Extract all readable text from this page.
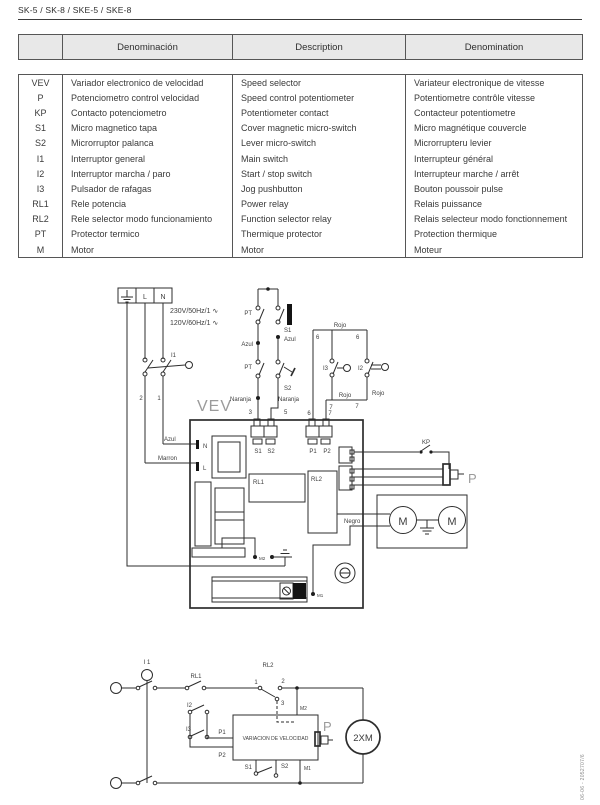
SK-5 / SK-8 / SKE-5 / SKE-8
	Denominación	Description	Denomination
VEV	Variador electronico de velocidad	Speed selector	Variateur electronique de vitesse
P	Potenciometro control velocidad	Speed control potentiometer	Potentiometre contrôle vitesse
KP	Contacto potenciometro	Potentiometer contact	Contacteur potentiometre
S1	Micro magnetico tapa	Cover magnetic micro-switch	Micro magnétique couvercle
S2	Microrruptor palanca	Lever micro-switch	Microrrupteru levier
I1	Interruptor general	Main switch	Interrupteur général
I2	Interruptor marcha / paro	Start / stop switch	Interrupteur marche / arrêt
I3	Pulsador de rafagas	Jog pushbutton	Bouton poussoir pulse
RL1	Rele potencia	Power relay	Relais puissance
RL2	Rele selector modo funcionamiento	Function selector relay	Relais selecteur modo fonctionnement
PT	Protector termico	Thermique protector	Protection thermique
M	Motor	Motor	Moteur
L N
230V/50Hz/1 ∿
120V/60Hz/1 ∿
I1
2 1
Azul
Marron
VEV
PT
Azul
PT
Naranja
3
S1
Azul
S2
Naranja
5
6
Rojo
6
I3	I2
7	7
Rojo	Rojo
S1 S2
6	7
P1 P2
N
L
RL1	RL2
KP
P
M	M
Negro
M2
M1
I 1
RL1
RL2
1
3
2
M2
I2
I3	P1
P2
VARIACION DE VELOCIDAD
S1	S2
P
2XM
M1	06-06 - 2052707/6
